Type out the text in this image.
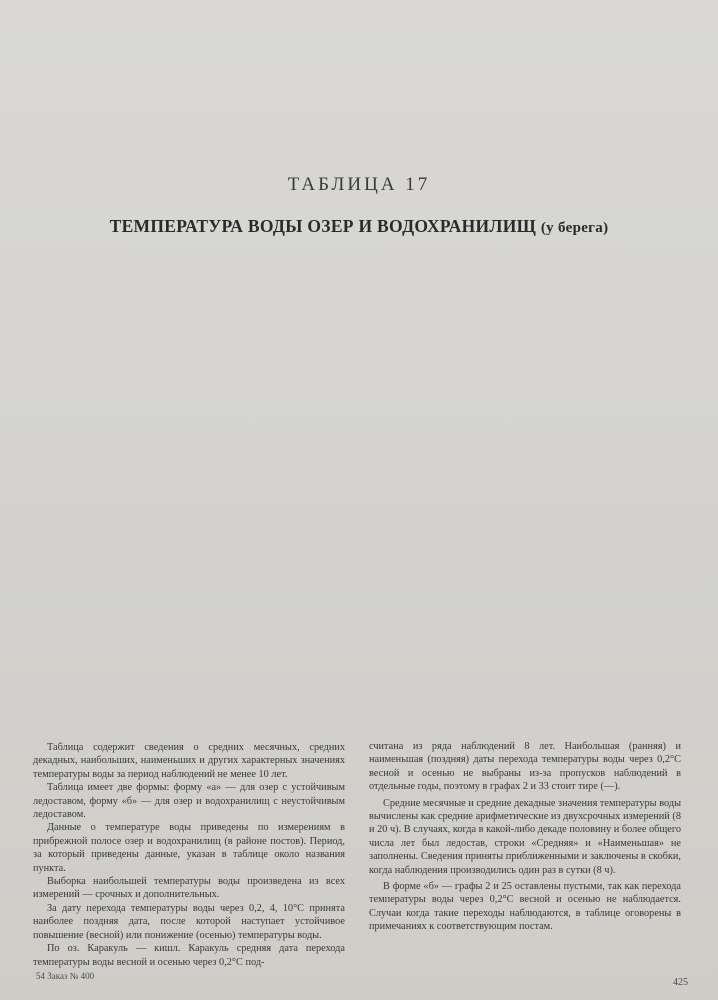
ТАБЛИЦА 17
ТЕМПЕРАТУРА ВОДЫ ОЗЕР И ВОДОХРАНИЛИЩ (у берега)

Таблица содержит сведения о средних месячных, средних декадных, наибольших, наименьших и других характерных значениях температуры воды за период наблюдений не менее 10 лет.

Таблица имеет две формы: форму «а» — для озер с устойчивым ледоставом, форму «б» — для озер и водохранилищ с неустойчивым ледоставом.

Данные о температуре воды приведены по измерениям в прибрежной полосе озер и водохранилищ (в районе постов). Период, за который приведены данные, указан в таблице около названия пункта.

Выборка наибольшей температуры воды произведена из всех измерений — срочных и дополнительных.

За дату перехода температуры воды через 0,2, 4, 10°C принята наиболее поздняя дата, после которой наступает устойчивое повышение (весной) или понижение (осенью) температуры воды.

По оз. Каракуль — кишл. Каракуль средняя дата перехода температуры воды весной и осенью через 0,2°C под-

считана из ряда наблюдений 8 лет. Наибольшая (ранняя) и наименьшая (поздняя) даты перехода температуры воды через 0,2°C весной и осенью не выбраны из-за пропусков наблюдений в отдельные годы, поэтому в графах 2 и 33 стоит тире (—).

Средние месячные и средние декадные значения температуры воды вычислены как средние арифметические из двухсрочных измерений (8 и 20 ч). В случаях, когда в какой-либо декаде половину и более общего числа лет был ледостав, строки «Средняя» и «Наименьшая» не заполнены. Сведения приняты приближенными и заключены в скобки, когда наблюдения производились один раз в сутки (8 ч).

В форме «б» — графы 2 и 25 оставлены пустыми, так как перехода температуры воды через 0,2°C весной и осенью не наблюдается. Случаи когда такие переходы наблюдаются, в таблице оговорены в примечаниях к соответствующим постам.

54 Заказ № 400
425
